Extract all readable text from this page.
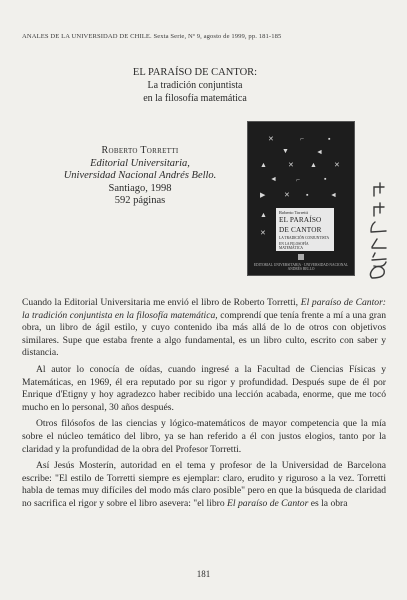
ANALES DE LA UNIVERSIDAD DE CHILE. Sexta Serie, Nº 9, agosto de 1999, pp. 181-185
EL PARAÍSO DE CANTOR:
La tradición conjuntista
en la filosofía matemática
Roberto Torretti
Editorial Universitaria,
Universidad Nacional Andrés Bello.
Santiago, 1998
592 páginas
✕	⌐	▪
▼	◄
▲	✕ ▲ ✕
◄	⌐	▪
▶	✕ ▪	◄
▲
✕
Roberto Torretti
EL PARAÍSO
DE CANTOR
LA TRADICIÓN CONJUNTISTA
EN LA FILOSOFÍA MATEMÁTICA
EDITORIAL UNIVERSITARIA · UNIVERSIDAD NACIONAL ANDRÉS BELLO

Cuando la Editorial Universitaria me envió el libro de Roberto Torretti, El paraíso de Cantor: la tradición conjuntista en la filosofía matemática, comprendí que tenía frente a mí a una gran obra, un libro de ágil estilo, y cuyo contenido iba más allá de lo de otros con objetivos similares. Supe que estaba frente a algo fundamental, es un libro culto, escrito con saber y distancia.

Al autor lo conocía de oídas, cuando ingresé a la Facultad de Ciencias Físicas y Matemáticas, en 1969, él era reputado por su rigor y profundidad. Después supe de él por Enrique d'Etigny y hoy agradezco haber recibido una lección acabada, enorme, que me tocó mucho en lo personal, 30 años después.

Otros filósofos de las ciencias y lógico-matemáticos de mayor competencia que la mía sobre el núcleo temático del libro, ya se han referido a él con justos elogios, tanto por la claridad y la profundidad de la obra del Profesor Torretti.

Así Jesús Mosterín, autoridad en el tema y profesor de la Universidad de Barcelona escribe: "El estilo de Torretti siempre es ejemplar: claro, erudito y riguroso a la vez. Torretti habla de temas muy difíciles del modo más claro posible" pero en que la búsqueda de claridad no sacrifica el rigor y sobre el libro asevera: "el libro El paraíso de Cantor es la obra

181
